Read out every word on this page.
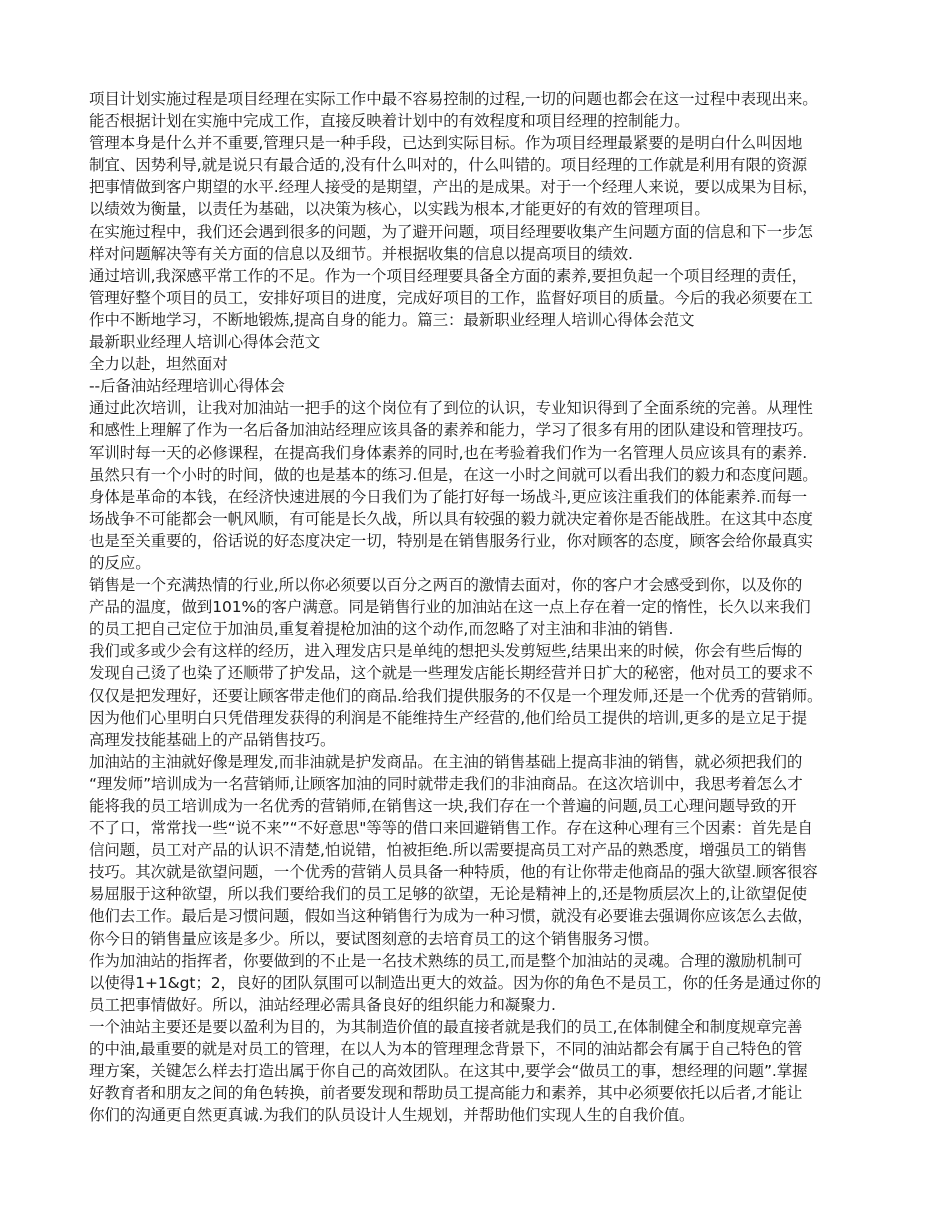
项目计划实施过程是项目经理在实际工作中最不容易控制的过程,一切的问题也都会在这一过程中表现出来。
能否根据计划在实施中完成工作，直接反映着计划中的有效程度和项目经理的控制能力。
管理本身是什么并不重要,管理只是一种手段，已达到实际目标。作为项目经理最紧要的是明白什么叫因地
制宜、因势利导,就是说只有最合适的,没有什么叫对的，什么叫错的。项目经理的工作就是利用有限的资源
把事情做到客户期望的水平.经理人接受的是期望，产出的是成果。对于一个经理人来说，要以成果为目标，
以绩效为衡量，以责任为基础，以决策为核心，以实践为根本,才能更好的有效的管理项目。
在实施过程中，我们还会遇到很多的问题，为了避开问题，项目经理要收集产生问题方面的信息和下一步怎
样对问题解决等有关方面的信息以及细节。并根据收集的信息以提高项目的绩效.
通过培训,我深感平常工作的不足。作为一个项目经理要具备全方面的素养,要担负起一个项目经理的责任，
管理好整个项目的员工，安排好项目的进度，完成好项目的工作，监督好项目的质量。今后的我必须要在工
作中不断地学习，不断地锻炼,提高自身的能力。篇三：最新职业经理人培训心得体会范文
最新职业经理人培训心得体会范文
全力以赴，坦然面对
--后备油站经理培训心得体会
通过此次培训，让我对加油站一把手的这个岗位有了到位的认识，专业知识得到了全面系统的完善。从理性
和感性上理解了作为一名后备加油站经理应该具备的素养和能力，学习了很多有用的团队建设和管理技巧。
军训时每一天的必修课程，在提高我们身体素养的同时,也在考验着我们作为一名管理人员应该具有的素养.
虽然只有一个小时的时间，做的也是基本的练习.但是，在这一小时之间就可以看出我们的毅力和态度问题。
身体是革命的本钱，在经济快速进展的今日我们为了能打好每一场战斗,更应该注重我们的体能素养.而每一
场战争不可能都会一帆风顺，有可能是长久战，所以具有较强的毅力就决定着你是否能战胜。在这其中态度
也是至关重要的，俗话说的好态度决定一切，特别是在销售服务行业，你对顾客的态度，顾客会给你最真实
的反应。
销售是一个充满热情的行业,所以你必须要以百分之两百的激情去面对，你的客户才会感受到你，以及你的
产品的温度，做到101%的客户满意。同是销售行业的加油站在这一点上存在着一定的惰性，长久以来我们
的员工把自己定位于加油员,重复着提枪加油的这个动作,而忽略了对主油和非油的销售.
我们或多或少会有这样的经历，进入理发店只是单纯的想把头发剪短些,结果出来的时候，你会有些后悔的
发现自己烫了也染了还顺带了护发品，这个就是一些理发店能长期经营并日扩大的秘密，他对员工的要求不
仅仅是把发理好，还要让顾客带走他们的商品.给我们提供服务的不仅是一个理发师,还是一个优秀的营销师。
因为他们心里明白只凭借理发获得的利润是不能维持生产经营的,他们给员工提供的培训,更多的是立足于提
高理发技能基础上的产品销售技巧。
加油站的主油就好像是理发,而非油就是护发商品。在主油的销售基础上提高非油的销售，就必须把我们的
“理发师”培训成为一名营销师,让顾客加油的同时就带走我们的非油商品。在这次培训中，我思考着怎么才
能将我的员工培训成为一名优秀的营销师,在销售这一块,我们存在一个普遍的问题,员工心理问题导致的开
不了口，常常找一些“说不来”“不好意思"等等的借口来回避销售工作。存在这种心理有三个因素：首先是自
信问题，员工对产品的认识不清楚,怕说错，怕被拒绝.所以需要提高员工对产品的熟悉度，增强员工的销售
技巧。其次就是欲望问题，一个优秀的营销人员具备一种特质，他的有让你带走他商品的强大欲望.顾客很容
易屈服于这种欲望，所以我们要给我们的员工足够的欲望，无论是精神上的,还是物质层次上的,让欲望促使
他们去工作。最后是习惯问题，假如当这种销售行为成为一种习惯，就没有必要谁去强调你应该怎么去做，
你今日的销售量应该是多少。所以，要试图刻意的去培育员工的这个销售服务习惯。
作为加油站的指挥者，你要做到的不止是一名技术熟练的员工,而是整个加油站的灵魂。合理的激励机制可
以使得1+1&gt；2，良好的团队氛围可以制造出更大的效益。因为你的角色不是员工，你的任务是通过你的
员工把事情做好。所以，油站经理必需具备良好的组织能力和凝聚力.
一个油站主要还是要以盈利为目的，为其制造价值的最直接者就是我们的员工,在体制健全和制度规章完善
的中油,最重要的就是对员工的管理，在以人为本的管理理念背景下，不同的油站都会有属于自己特色的管
理方案，关键怎么样去打造出属于你自己的高效团队。在这其中,要学会“做员工的事，想经理的问题”.掌握
好教育者和朋友之间的角色转换，前者要发现和帮助员工提高能力和素养，其中必须要依托以后者,才能让
你们的沟通更自然更真诚.为我们的队员设计人生规划，并帮助他们实现人生的自我价值。
